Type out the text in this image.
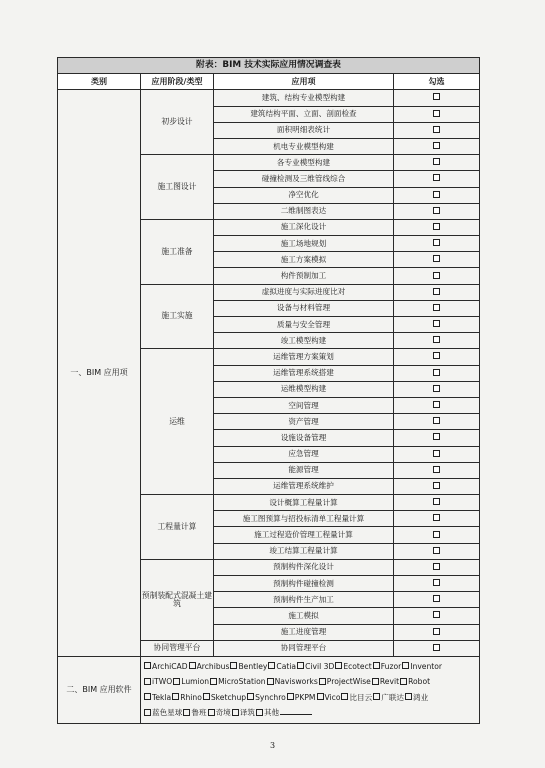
附表：BIM 技术实际应用情况调查表			
类别	应用阶段/类型	应用项	勾选
一、BIM 应用项	初步设计	建筑、结构专业模型构建	
		建筑结构平面、立面、剖面检查	
		面积明细表统计	
		机电专业模型构建	
	施工图设计	各专业模型构建	
		碰撞检测及三维管线综合	
		净空优化	
		二维制图表达	
	施工准备	施工深化设计	
		施工场地规划	
		施工方案模拟	
		构件预制加工	
	施工实施	虚拟进度与实际进度比对	
		设备与材料管理	
		质量与安全管理	
		竣工模型构建	
	运维	运维管理方案策划	
		运维管理系统搭建	
		运维模型构建	
		空间管理	
		资产管理	
		设施设备管理	
		应急管理	
		能源管理	
		运维管理系统维护	
	工程量计算	设计概算工程量计算	
		施工图预算与招投标清单工程量计算	
		施工过程造价管理工程量计算	
		竣工结算工程量计算	
	预制装配式混凝土建筑	预制构件深化设计	
		预制构件碰撞检测	
		预制构件生产加工	
		施工模拟	
		施工进度管理	
	协同管理平台	协同管理平台	
二、BIM 应用软件	ArchiCAD Archibus Bentley Catia Civil 3D Ecotect Fuzor Inventor
iTWO Lumion MicroStation Navisworks ProjectWise Revit Robot
Tekla Rhino Sketchup Synchro PKPM Vico 比目云 广联达 鸿业
蓝色星球 鲁班 奇境 译筑 其他		
3
